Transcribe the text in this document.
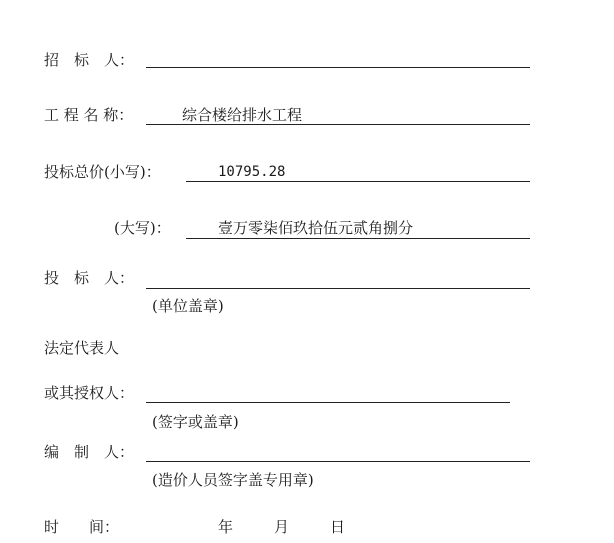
招　标　人：
工 程 名 称：	综合楼给排水工程
投标总价(小写)：	10795.28
(大写)：	壹万零柒佰玖拾伍元贰角捌分
投　标　人：
(单位盖章)
法定代表人
或其授权人：
(签字或盖章)
编　制　人：
(造价人员签字盖专用章)
时　　间：	年	月	日
